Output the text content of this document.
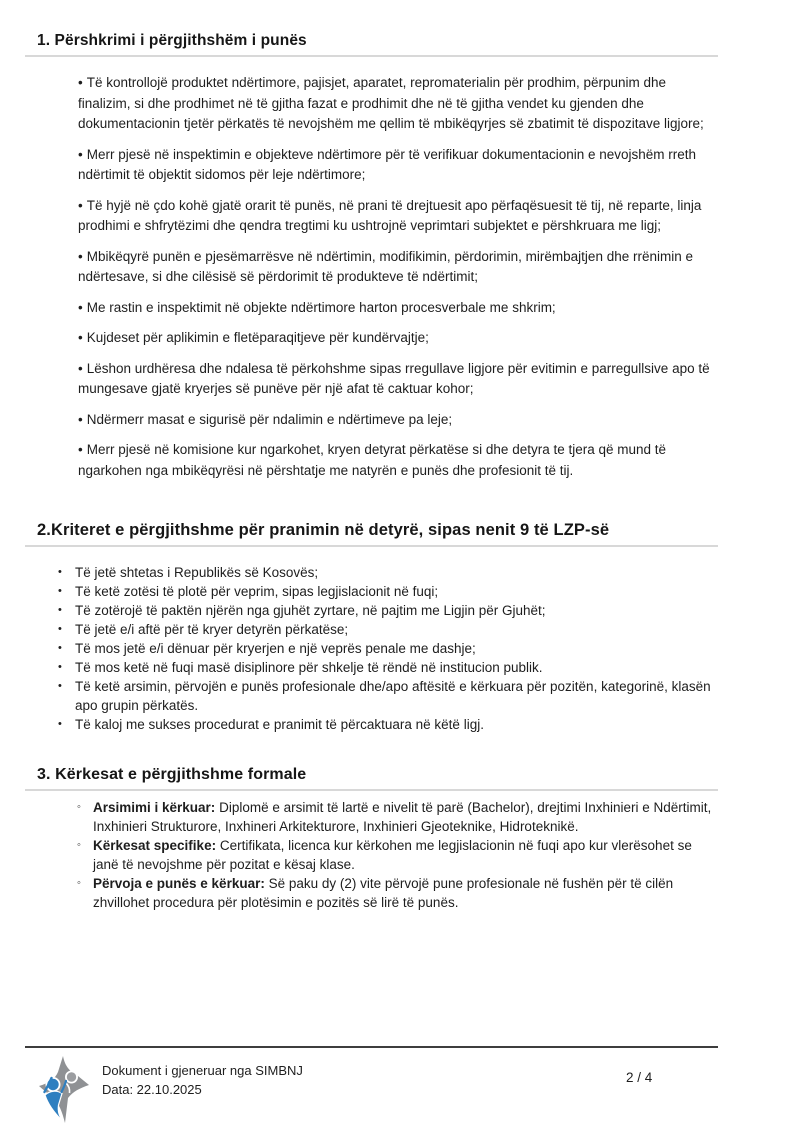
1. Përshkrimi i përgjithshëm i punës

• Të kontrollojë produktet ndërtimore, pajisjet, aparatet, repromaterialin për prodhim, përpunim dhe finalizim, si dhe prodhimet në të gjitha fazat e prodhimit dhe në të gjitha vendet ku gjenden dhe dokumentacionin tjetër përkatës të nevojshëm me qellim të mbikëqyrjes së zbatimit të dispozitave ligjore;

• Merr pjesë në inspektimin e objekteve ndërtimore për të verifikuar dokumentacionin e nevojshëm rreth ndërtimit të objektit sidomos për leje ndërtimore;

• Të hyjë në çdo kohë gjatë orarit të punës, në prani të drejtuesit apo përfaqësuesit të tij, në reparte, linja prodhimi e shfrytëzimi dhe qendra tregtimi ku ushtrojnë veprimtari subjektet e përshkruara me ligj;

• Mbikëqyrë punën e pjesëmarrësve në ndërtimin, modifikimin, përdorimin, mirëmbajtjen dhe rrënimin e ndërtesave, si dhe cilësisë së përdorimit të produkteve të ndërtimit;

• Me rastin e inspektimit në objekte ndërtimore harton procesverbale me shkrim;

• Kujdeset për aplikimin e fletëparaqitjeve për kundërvajtje;

• Lëshon urdhëresa dhe ndalesa të përkohshme sipas rregullave ligjore për evitimin e parregullsive apo të mungesave gjatë kryerjes së punëve për një afat të caktuar kohor;

• Ndërmerr masat e sigurisë për ndalimin e ndërtimeve pa leje;

• Merr pjesë në komisione kur ngarkohet, kryen detyrat përkatëse si dhe detyra te tjera që mund të ngarkohen nga mbikëqyrësi në përshtatje me natyrën e punës dhe profesionit të tij.

2.Kriteret e përgjithshme për pranimin në detyrë, sipas nenit 9 të LZP-së
• Të jetë shtetas i Republikës së Kosovës;
• Të ketë zotësi të plotë për veprim, sipas legjislacionit në fuqi;
• Të zotërojë të paktën njërën nga gjuhët zyrtare, në pajtim me Ligjin për Gjuhët;
• Të jetë e/i aftë për të kryer detyrën përkatëse;
• Të mos jetë e/i dënuar për kryerjen e një veprës penale me dashje;
• Të mos ketë në fuqi masë disiplinore për shkelje të rëndë në institucion publik.
• Të ketë arsimin, përvojën e punës profesionale dhe/apo aftësitë e kërkuara për pozitën, kategorinë, klasën apo grupin përkatës.
• Të kaloj me sukses procedurat e pranimit të përcaktuara në këtë ligj.
3. Kërkesat e përgjithshme formale
◦ Arsimimi i kërkuar: Diplomë e arsimit të lartë e nivelit të parë (Bachelor), drejtimi Inxhinieri e Ndërtimit, Inxhinieri Strukturore, Inxhineri Arkitekturore, Inxhinieri Gjeoteknike, Hidroteknikë.
◦ Kërkesat specifike: Certifikata, licenca kur kërkohen me legjislacionin në fuqi apo kur vlerësohet se janë të nevojshme për pozitat e kësaj klase.
◦ Përvoja e punës e kërkuar: Së paku dy (2) vite përvojë pune profesionale në fushën për të cilën zhvillohet procedura për plotësimin e pozitës së lirë të punës.
Dokument i gjeneruar nga SIMBNJ
Data: 22.10.2025
2 / 4
